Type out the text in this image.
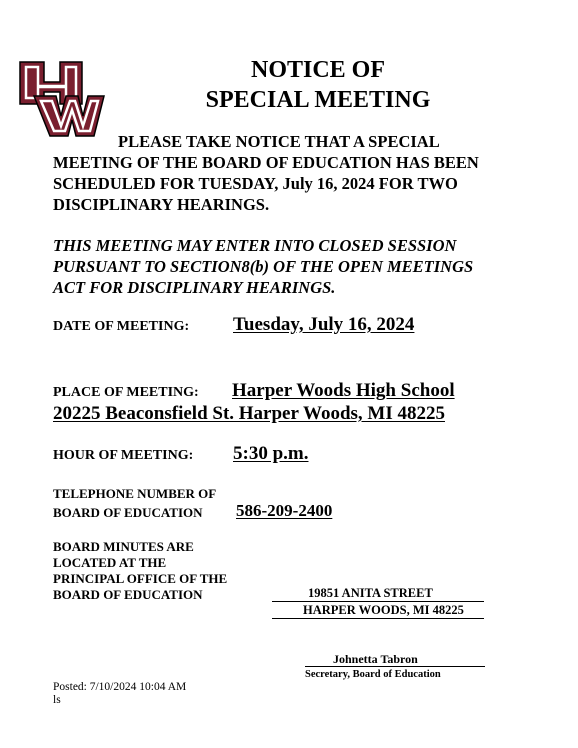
NOTICE OF
SPECIAL MEETING
PLEASE TAKE NOTICE THAT A SPECIAL
MEETING OF THE BOARD OF EDUCATION HAS BEEN
SCHEDULED FOR TUESDAY, July 16, 2024 FOR TWO
DISCIPLINARY HEARINGS.
THIS MEETING MAY ENTER INTO CLOSED SESSION
PURSUANT TO SECTION8(b) OF THE OPEN MEETINGS
ACT FOR DISCIPLINARY HEARINGS.
DATE OF MEETING: Tuesday, July 16, 2024
PLACE OF MEETING: Harper Woods High School
20225 Beaconsfield St. Harper Woods, MI 48225
HOUR OF MEETING: 5:30 p.m.
TELEPHONE NUMBER OF
BOARD OF EDUCATION 586-209-2400
BOARD MINUTES ARE
LOCATED AT THE
PRINCIPAL OFFICE OF THE
BOARD OF EDUCATION	19851 ANITA STREET
HARPER WOODS, MI 48225
Johnetta Tabron
Secretary, Board of Education
Posted: 7/10/2024 10:04 AM
ls
